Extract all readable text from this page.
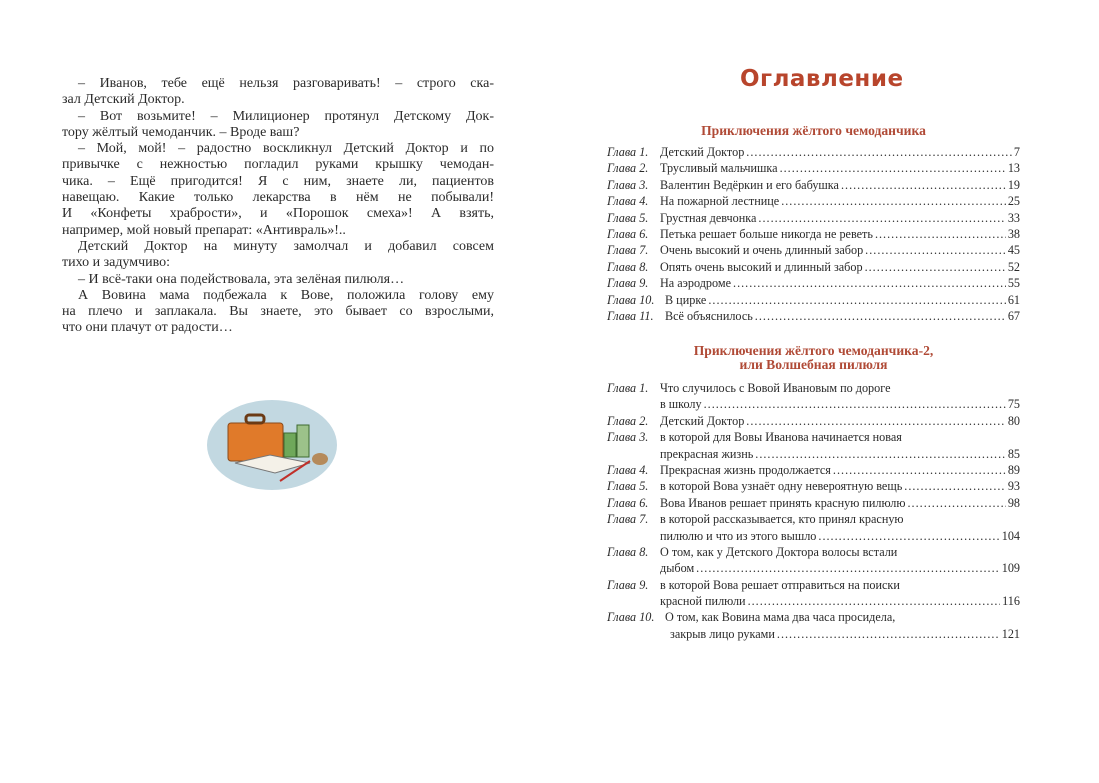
– Иванов, тебе ещё нельзя разговаривать! – строго ска-
зал Детский Доктор.
– Вот возьмите! – Милиционер протянул Детскому Док-
тору жёлтый чемоданчик. – Вроде ваш?
– Мой, мой! – радостно воскликнул Детский Доктор и по
привычке с нежностью погладил руками крышку чемодан-
чика. – Ещё пригодится! Я с ним, знаете ли, пациентов
навещаю. Какие только лекарства в нём не побывали!
И «Конфеты храбрости», и «Порошок смеха»! А взять,
например, мой новый препарат: «Антивраль»!..
Детский Доктор на минуту замолчал и добавил совсем
тихо и задумчиво:
– И всё-таки она подействовала, эта зелёная пилюля…
А Вовина мама подбежала к Вове, положила голову ему
на плечо и заплакала. Вы знаете, это бывает со взрослыми,
что они плачут от радости…
Оглавление
Приключения жёлтого чемоданчика
Глава 1. Детский Доктор .....	7
Глава 2. Трусливый мальчишка .....	13
Глава 3. Валентин Ведёркин и его бабушка .....	19
Глава 4. На пожарной лестнице .....	25
Глава 5. Грустная девчонка .....	33
Глава 6. Петька решает больше никогда не реветь .....	38
Глава 7. Очень высокий и очень длинный забор .....	45
Глава 8. Опять очень высокий и длинный забор .....	52
Глава 9. На аэродроме .....	55
Глава 10. В цирке .....	61
Глава 11. Всё объяснилось .....	67
Приключения жёлтого чемоданчика-2,
или Волшебная пилюля
Глава 1. Что случилось с Вовой Ивановым по дороге
в школу .....	75
Глава 2. Детский Доктор .....	80
Глава 3. в которой для Вовы Иванова начинается новая
прекрасная жизнь .....	85
Глава 4. Прекрасная жизнь продолжается .....	89
Глава 5. в которой Вова узнаёт одну невероятную вещь .....	93
Глава 6. Вова Иванов решает принять красную пилюлю .....	98
Глава 7. в которой рассказывается, кто принял красную
пилюлю и что из этого вышло .....	104
Глава 8. О том, как у Детского Доктора волосы встали
дыбом .....	109
Глава 9. в которой Вова решает отправиться на поиски
красной пилюли .....	116
Глава 10. О том, как Вовина мама два часа просидела,
закрыв лицо руками .....	121
